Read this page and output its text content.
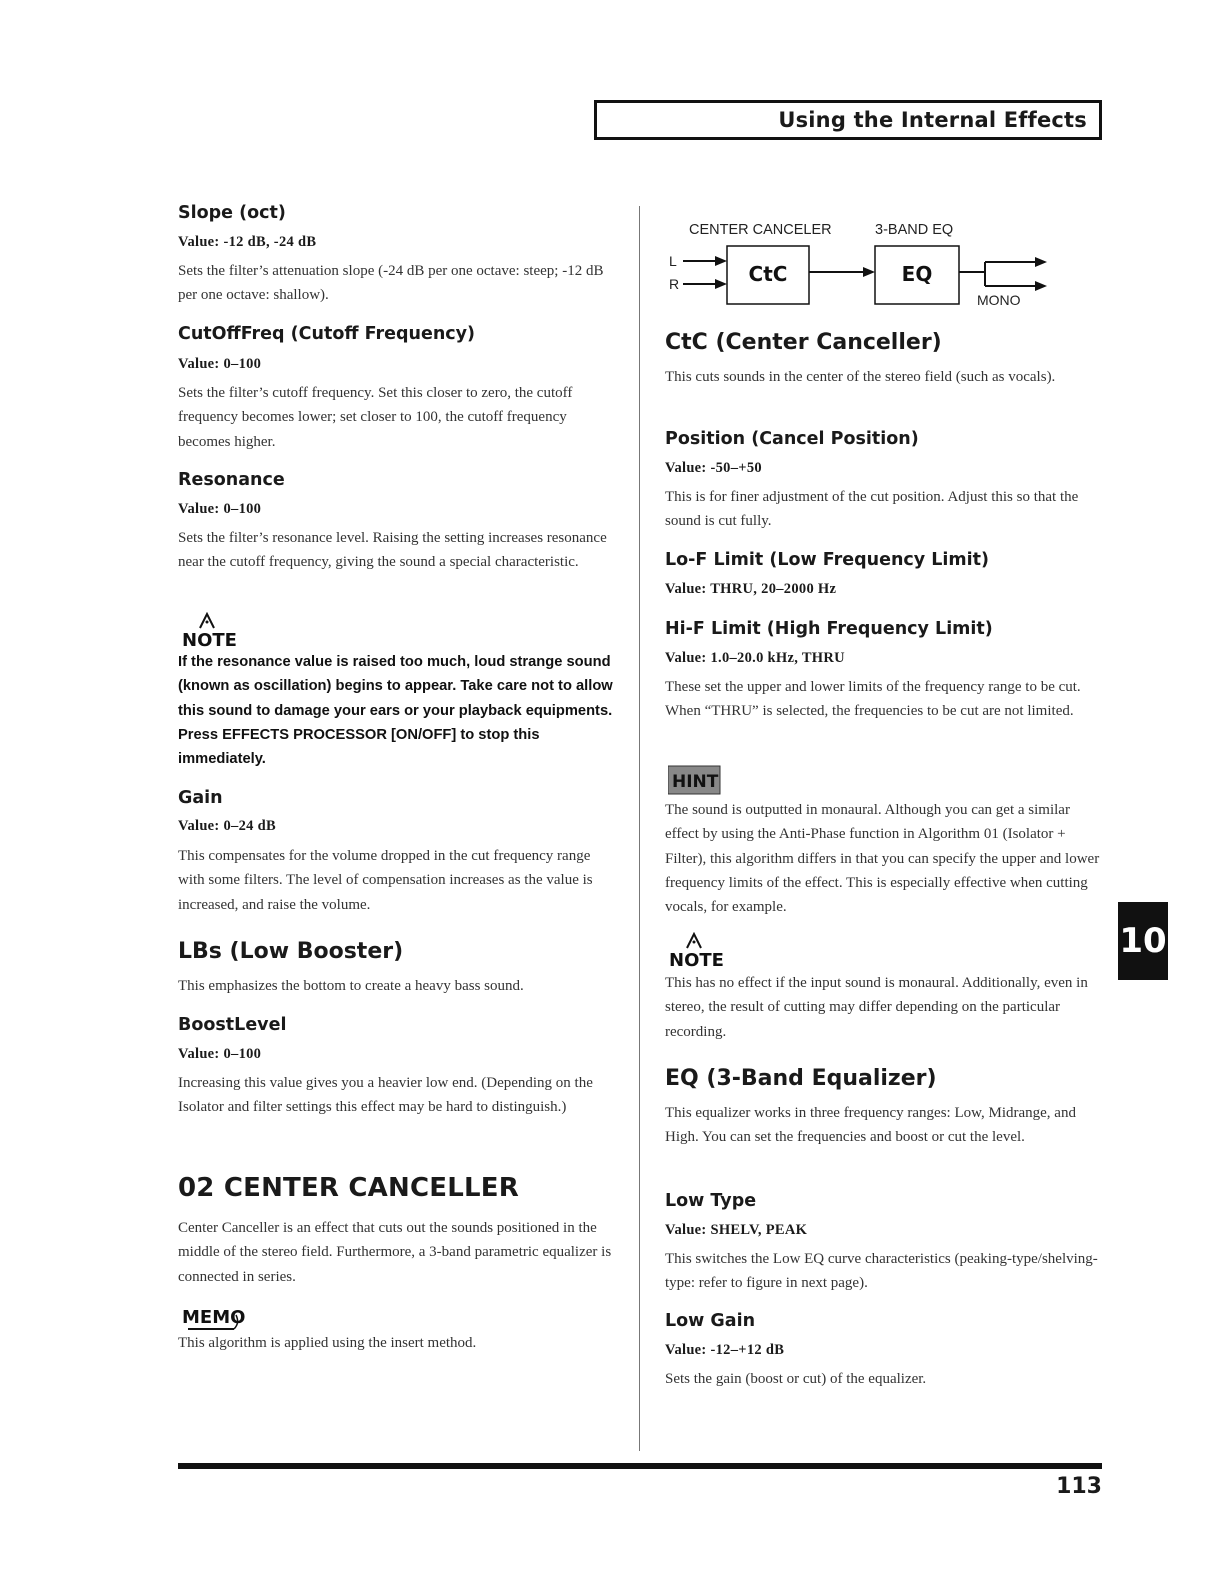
Using the Internal Effects
Slope (oct)
Value: -12 dB, -24 dB
Sets the filter’s attenuation slope (-24 dB per one octave: steep; -12 dB per one octave: shallow).
CutOffFreq (Cutoff Frequency)
Value: 0–100
Sets the filter’s cutoff frequency. Set this closer to zero, the cutoff frequency becomes lower; set closer to 100, the cutoff frequency becomes higher.
Resonance
Value: 0–100
Sets the filter’s resonance level. Raising the setting increases resonance near the cutoff frequency, giving the sound a special characteristic.
NOTE
If the resonance value is raised too much, loud strange sound (known as oscillation) begins to appear. Take care not to allow this sound to damage your ears or your playback equipments. Press EFFECTS PROCESSOR [ON/OFF] to stop this immediately.
Gain
Value: 0–24 dB
This compensates for the volume dropped in the cut frequency range with some filters. The level of compensation increases as the value is increased, and raise the volume.
LBs (Low Booster)
This emphasizes the bottom to create a heavy bass sound.
BoostLevel
Value: 0–100
Increasing this value gives you a heavier low end. (Depending on the Isolator and filter settings this effect may be hard to distinguish.)
02 CENTER CANCELLER
Center Canceller is an effect that cuts out the sounds positioned in the middle of the stereo field. Furthermore, a 3-band parametric equalizer is connected in series.
MEMO
This algorithm is applied using the insert method.
CENTER CANCELER	3-BAND EQ
L
R	CtC	EQ
MONO
CtC (Center Canceller)
This cuts sounds in the center of the stereo field (such as vocals).
Position (Cancel Position)
Value: -50–+50
This is for finer adjustment of the cut position. Adjust this so that the sound is cut fully.
Lo-F Limit (Low Frequency Limit)
Value: THRU, 20–2000 Hz
Hi-F Limit (High Frequency Limit)
Value: 1.0–20.0 kHz, THRU
These set the upper and lower limits of the frequency range to be cut. When “THRU” is selected, the frequencies to be cut are not limited.
HINT
The sound is outputted in monaural. Although you can get a similar effect by using the Anti-Phase function in Algorithm 01 (Isolator + Filter), this algorithm differs in that you can specify the upper and lower frequency limits of the effect. This is especially effective when cutting vocals, for example.
NOTE
This has no effect if the input sound is monaural. Additionally, even in stereo, the result of cutting may differ depending on the particular recording.
EQ (3-Band Equalizer)
This equalizer works in three frequency ranges: Low, Midrange, and High. You can set the frequencies and boost or cut the level.
Low Type
Value: SHELV, PEAK
This switches the Low EQ curve characteristics (peaking-type/shelving-type: refer to figure in next page).
Low Gain
Value: -12–+12 dB
Sets the gain (boost or cut) of the equalizer.
10
113
